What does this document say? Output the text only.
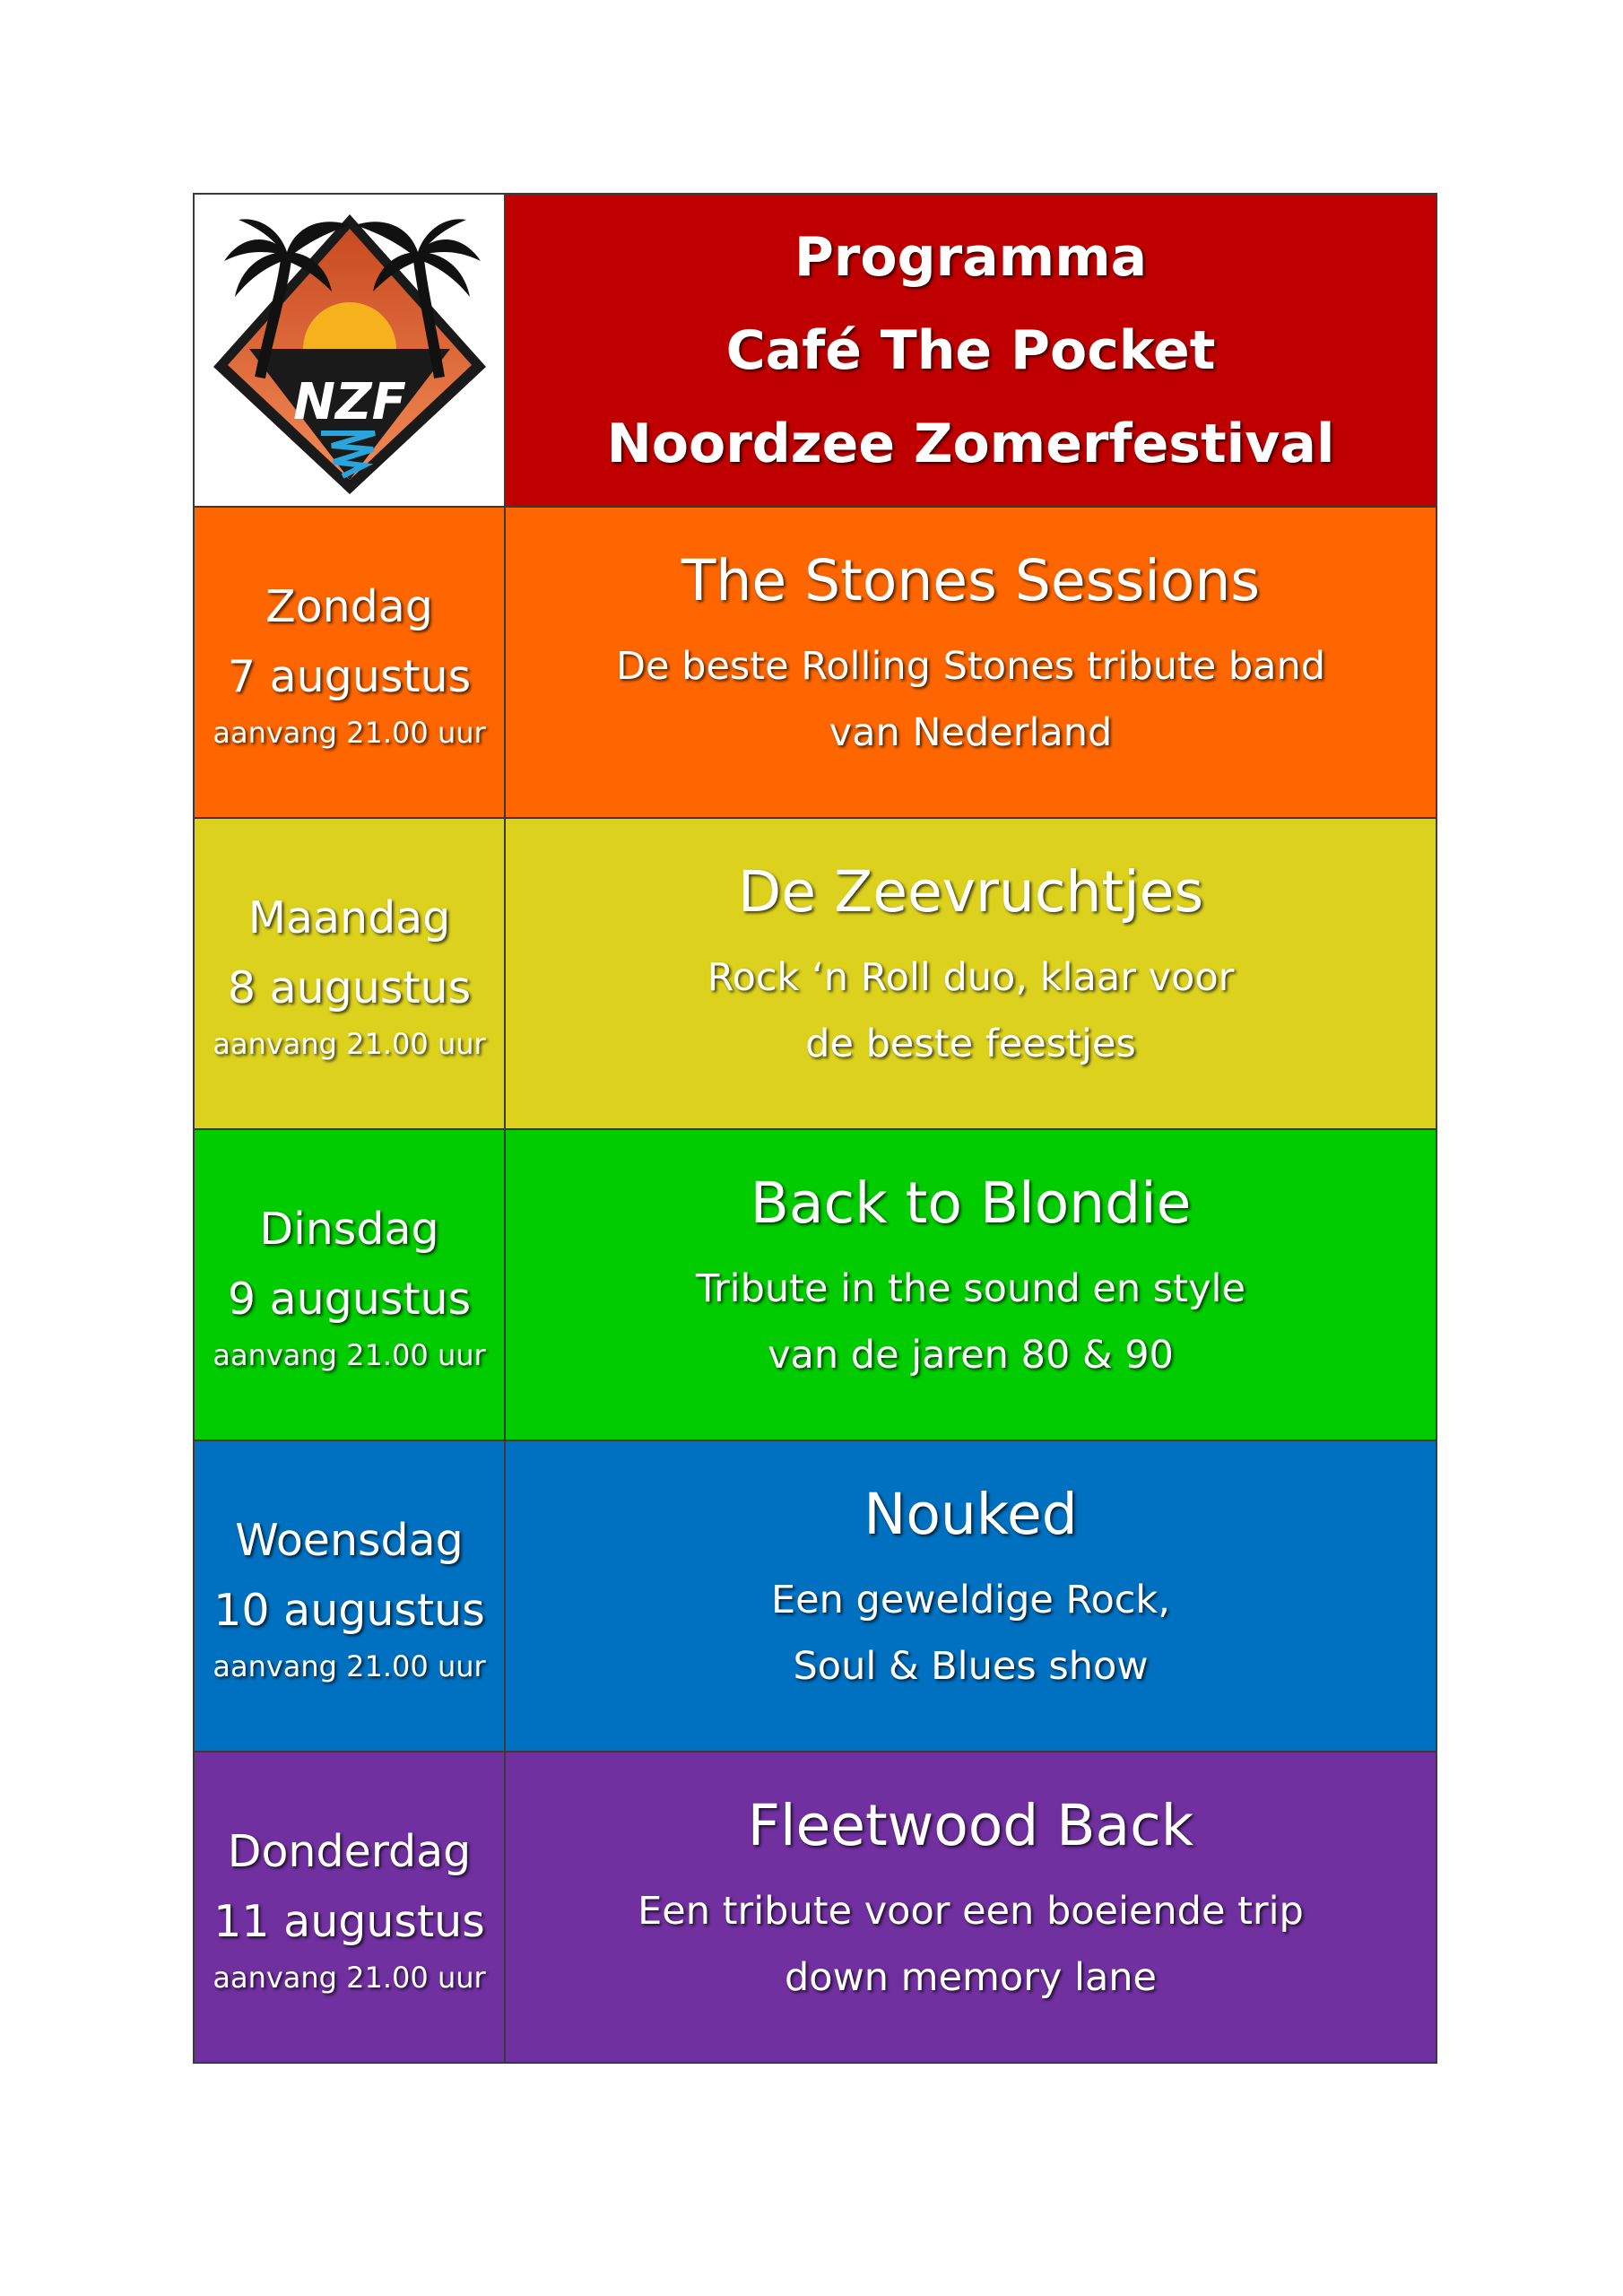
NZF
Programma
Café The Pocket
Noordzee Zomerfestival
Zondag
7 augustus
aanvang 21.00 uur
The Stones Sessions
De beste Rolling Stones tribute band
van Nederland
Maandag
8 augustus
aanvang 21.00 uur
De Zeevruchtjes
Rock ‘n Roll duo, klaar voor
de beste feestjes
Dinsdag
9 augustus
aanvang 21.00 uur
Back to Blondie
Tribute in the sound en style
van de jaren 80 & 90
Woensdag
10 augustus
aanvang 21.00 uur
Nouked
Een geweldige Rock,
Soul & Blues show
Donderdag
11 augustus
aanvang 21.00 uur
Fleetwood Back
Een tribute voor een boeiende trip
down memory lane
